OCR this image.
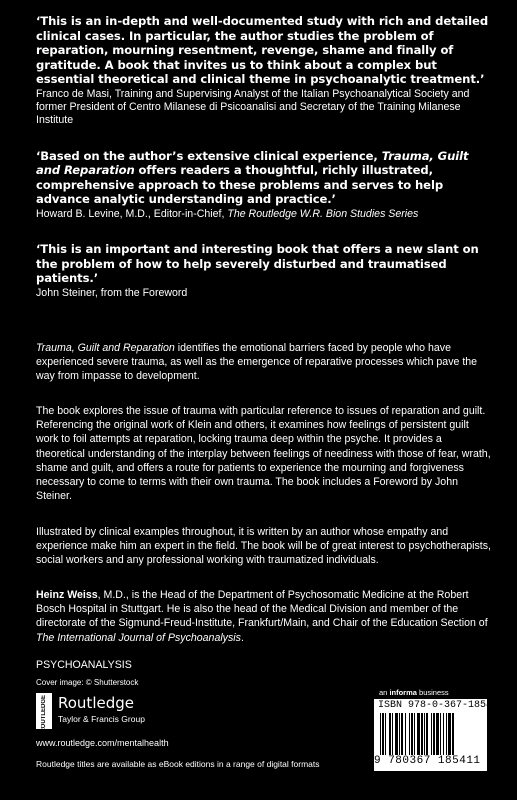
‘This is an in-depth and well-documented study with rich and detailed clinical cases. In particular, the author studies the problem of reparation, mourning resentment, revenge, shame and finally of gratitude. A book that invites us to think about a complex but essential theoretical and clinical theme in psychoanalytic treatment.’

Franco de Masi, Training and Supervising Analyst of the Italian Psychoanalytical Society and former President of Centro Milanese di Psicoanalisi and Secretary of the Training Milanese Institute

‘Based on the author’s extensive clinical experience, Trauma, Guilt and Reparation offers readers a thoughtful, richly illustrated, comprehensive approach to these problems and serves to help advance analytic understanding and practice.’

Howard B. Levine, M.D., Editor-in-Chief, The Routledge W.R. Bion Studies Series

‘This is an important and interesting book that offers a new slant on the problem of how to help severely disturbed and traumatised patients.’

John Steiner, from the Foreword

Trauma, Guilt and Reparation identifies the emotional barriers faced by people who have experienced severe trauma, as well as the emergence of reparative processes which pave the way from impasse to development.

The book explores the issue of trauma with particular reference to issues of reparation and guilt. Referencing the original work of Klein and others, it examines how feelings of persistent guilt work to foil attempts at reparation, locking trauma deep within the psyche. It provides a theoretical understanding of the interplay between feelings of neediness with those of fear, wrath, shame and guilt, and offers a route for patients to experience the mourning and forgiveness necessary to come to terms with their own trauma. The book includes a Foreword by John Steiner.

Illustrated by clinical examples throughout, it is written by an author whose empathy and experience make him an expert in the field. The book will be of great interest to psychotherapists, social workers and any professional working with traumatized individuals.

Heinz Weiss, M.D., is the Head of the Department of Psychosomatic Medicine at the Robert Bosch Hospital in Stuttgart. He is also the head of the Medical Division and member of the directorate of the Sigmund-Freud-Institute, Frankfurt/Main, and Chair of the Education Section of The International Journal of Psychoanalysis.

PSYCHOANALYSIS
Cover image: © Shutterstock
ROUTLEDGE Routledge
Taylor & Francis Group
www.routledge.com/mentalhealth
Routledge titles are available as eBook editions in a range of digital formats
an informa business
ISBN 978-0-367-18541-1
9 780367 185411
